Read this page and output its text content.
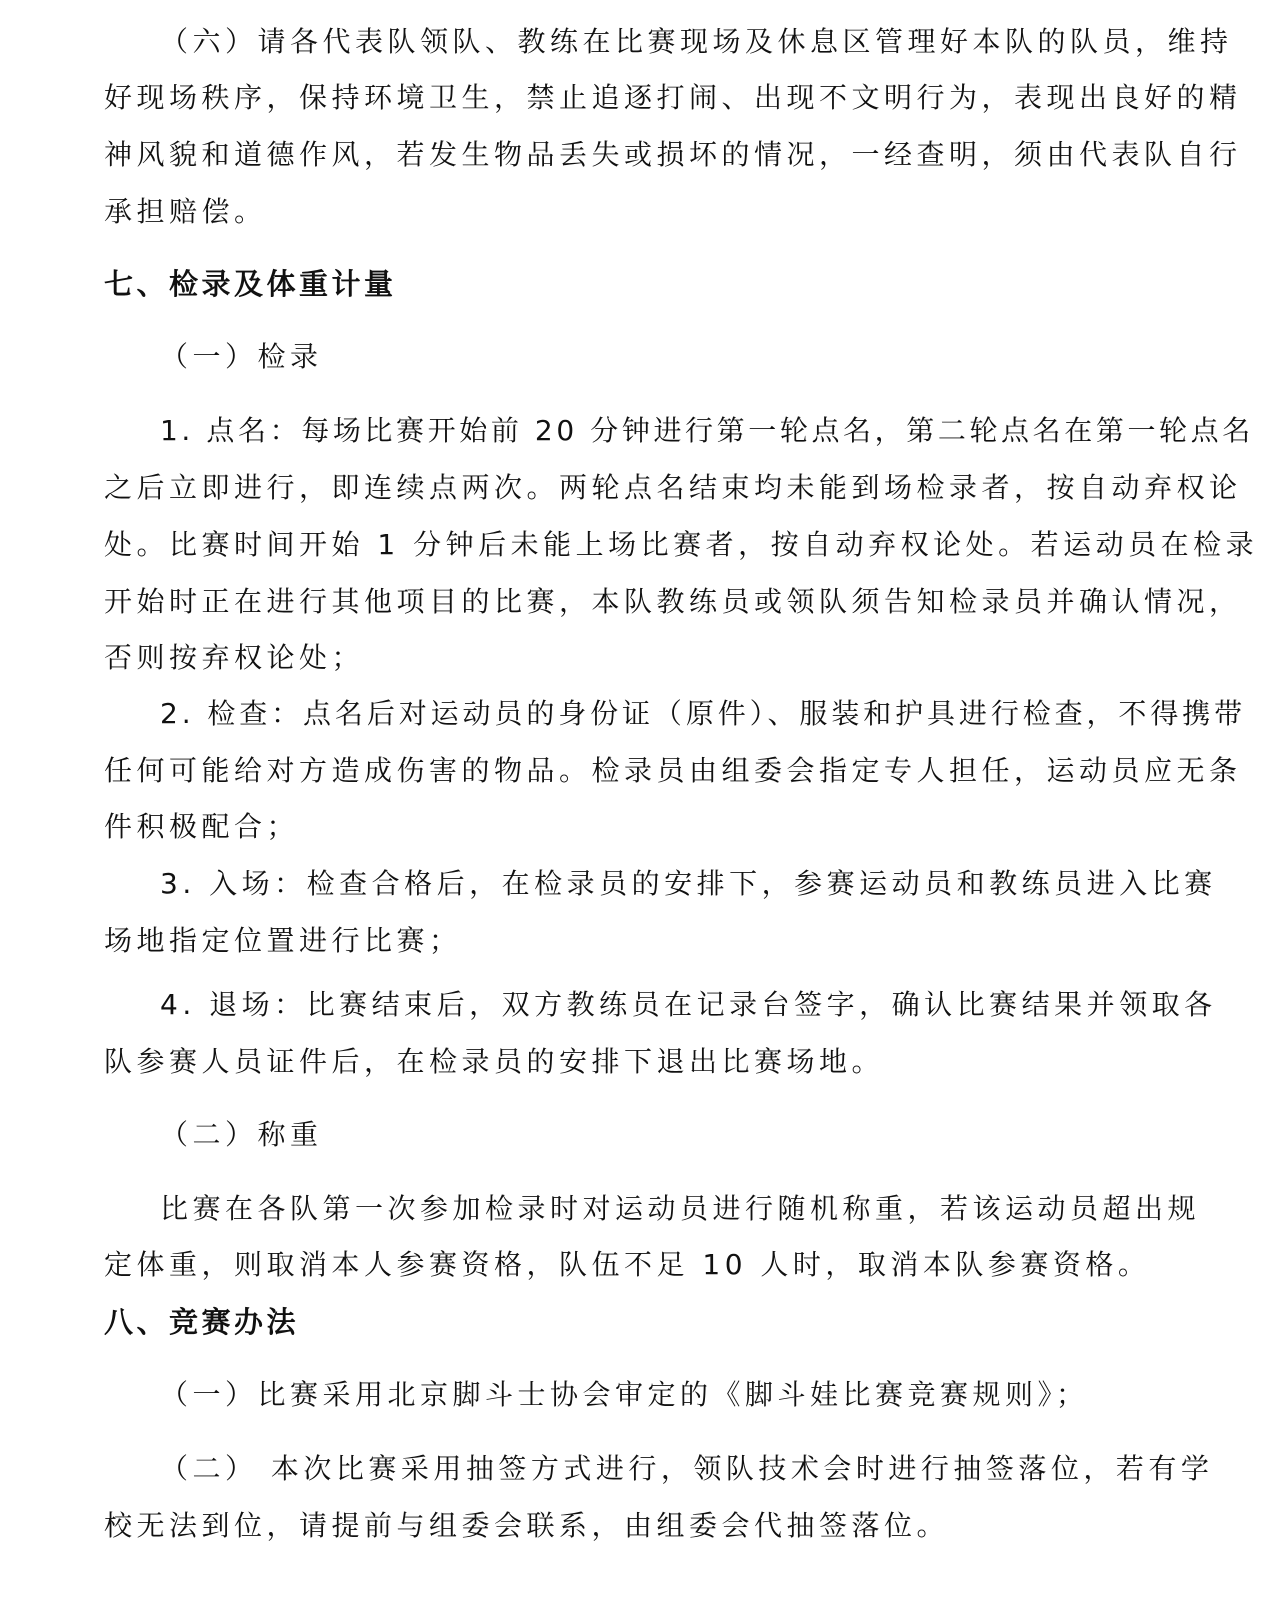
（六）请各代表队领队、教练在比赛现场及休息区管理好本队的队员，维持

好现场秩序，保持环境卫生，禁止追逐打闹、出现不文明行为，表现出良好的精

神风貌和道德作风，若发生物品丢失或损坏的情况，一经查明，须由代表队自行

承担赔偿。

七、检录及体重计量

（一）检录

1. 点名：每场比赛开始前 20 分钟进行第一轮点名，第二轮点名在第一轮点名

之后立即进行，即连续点两次。两轮点名结束均未能到场检录者，按自动弃权论

处。比赛时间开始 1 分钟后未能上场比赛者，按自动弃权论处。若运动员在检录

开始时正在进行其他项目的比赛，本队教练员或领队须告知检录员并确认情况，

否则按弃权论处；

2. 检查：点名后对运动员的身份证（原件）、服装和护具进行检查，不得携带

任何可能给对方造成伤害的物品。检录员由组委会指定专人担任，运动员应无条

件积极配合；

3. 入场：检查合格后，在检录员的安排下，参赛运动员和教练员进入比赛

场地指定位置进行比赛；

4. 退场：比赛结束后，双方教练员在记录台签字，确认比赛结果并领取各

队参赛人员证件后，在检录员的安排下退出比赛场地。

（二）称重

比赛在各队第一次参加检录时对运动员进行随机称重，若该运动员超出规

定体重，则取消本人参赛资格，队伍不足 10 人时，取消本队参赛资格。

八、竞赛办法

（一）比赛采用北京脚斗士协会审定的《脚斗娃比赛竞赛规则》；

（二） 本次比赛采用抽签方式进行，领队技术会时进行抽签落位，若有学

校无法到位，请提前与组委会联系，由组委会代抽签落位。
